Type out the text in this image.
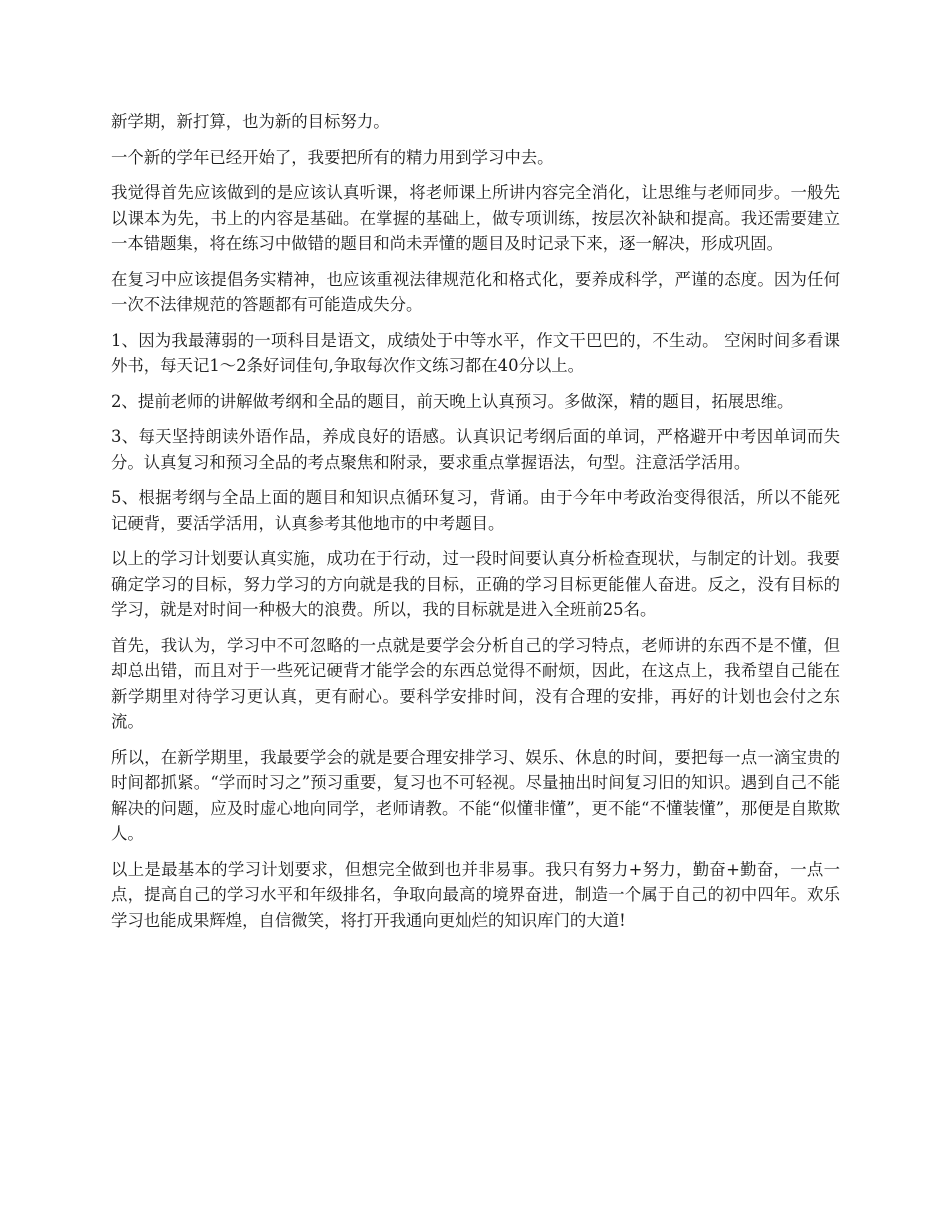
新学期，新打算，也为新的目标努力。

一个新的学年已经开始了，我要把所有的精力用到学习中去。

我觉得首先应该做到的是应该认真听课，将老师课上所讲内容完全消化，让思维与老师同步。一般先以课本为先，书上的内容是基础。在掌握的基础上，做专项训练，按层次补缺和提高。我还需要建立一本错题集，将在练习中做错的题目和尚未弄懂的题目及时记录下来，逐一解决，形成巩固。

在复习中应该提倡务实精神，也应该重视法律规范化和格式化，要养成科学，严谨的态度。因为任何一次不法律规范的答题都有可能造成失分。

1、因为我最薄弱的一项科目是语文，成绩处于中等水平，作文干巴巴的，不生动。 空闲时间多看课外书，每天记1～2条好词佳句,争取每次作文练习都在40分以上。

2、提前老师的讲解做考纲和全品的题目，前天晚上认真预习。多做深，精的题目，拓展思维。

3、每天坚持朗读外语作品，养成良好的语感。认真识记考纲后面的单词，严格避开中考因单词而失分。认真复习和预习全品的考点聚焦和附录，要求重点掌握语法，句型。注意活学活用。

5、根据考纲与全品上面的题目和知识点循环复习，背诵。由于今年中考政治变得很活，所以不能死记硬背，要活学活用，认真参考其他地市的中考题目。

以上的学习计划要认真实施，成功在于行动，过一段时间要认真分析检查现状，与制定的计划。我要确定学习的目标，努力学习的方向就是我的目标，正确的学习目标更能催人奋进。反之，没有目标的学习，就是对时间一种极大的浪费。所以，我的目标就是进入全班前25名。

首先，我认为，学习中不可忽略的一点就是要学会分析自己的学习特点，老师讲的东西不是不懂，但却总出错，而且对于一些死记硬背才能学会的东西总觉得不耐烦，因此，在这点上，我希望自己能在新学期里对待学习更认真，更有耐心。要科学安排时间，没有合理的安排，再好的计划也会付之东流。

所以，在新学期里，我最要学会的就是要合理安排学习、娱乐、休息的时间，要把每一点一滴宝贵的时间都抓紧。“学而时习之”预习重要，复习也不可轻视。尽量抽出时间复习旧的知识。遇到自己不能解决的问题，应及时虚心地向同学，老师请教。不能“似懂非懂”，更不能“不懂装懂”，那便是自欺欺人。

以上是最基本的学习计划要求，但想完全做到也并非易事。我只有努力+努力，勤奋+勤奋，一点一点，提高自己的学习水平和年级排名，争取向最高的境界奋进，制造一个属于自己的初中四年。欢乐学习也能成果辉煌，自信微笑，将打开我通向更灿烂的知识库门的大道!
